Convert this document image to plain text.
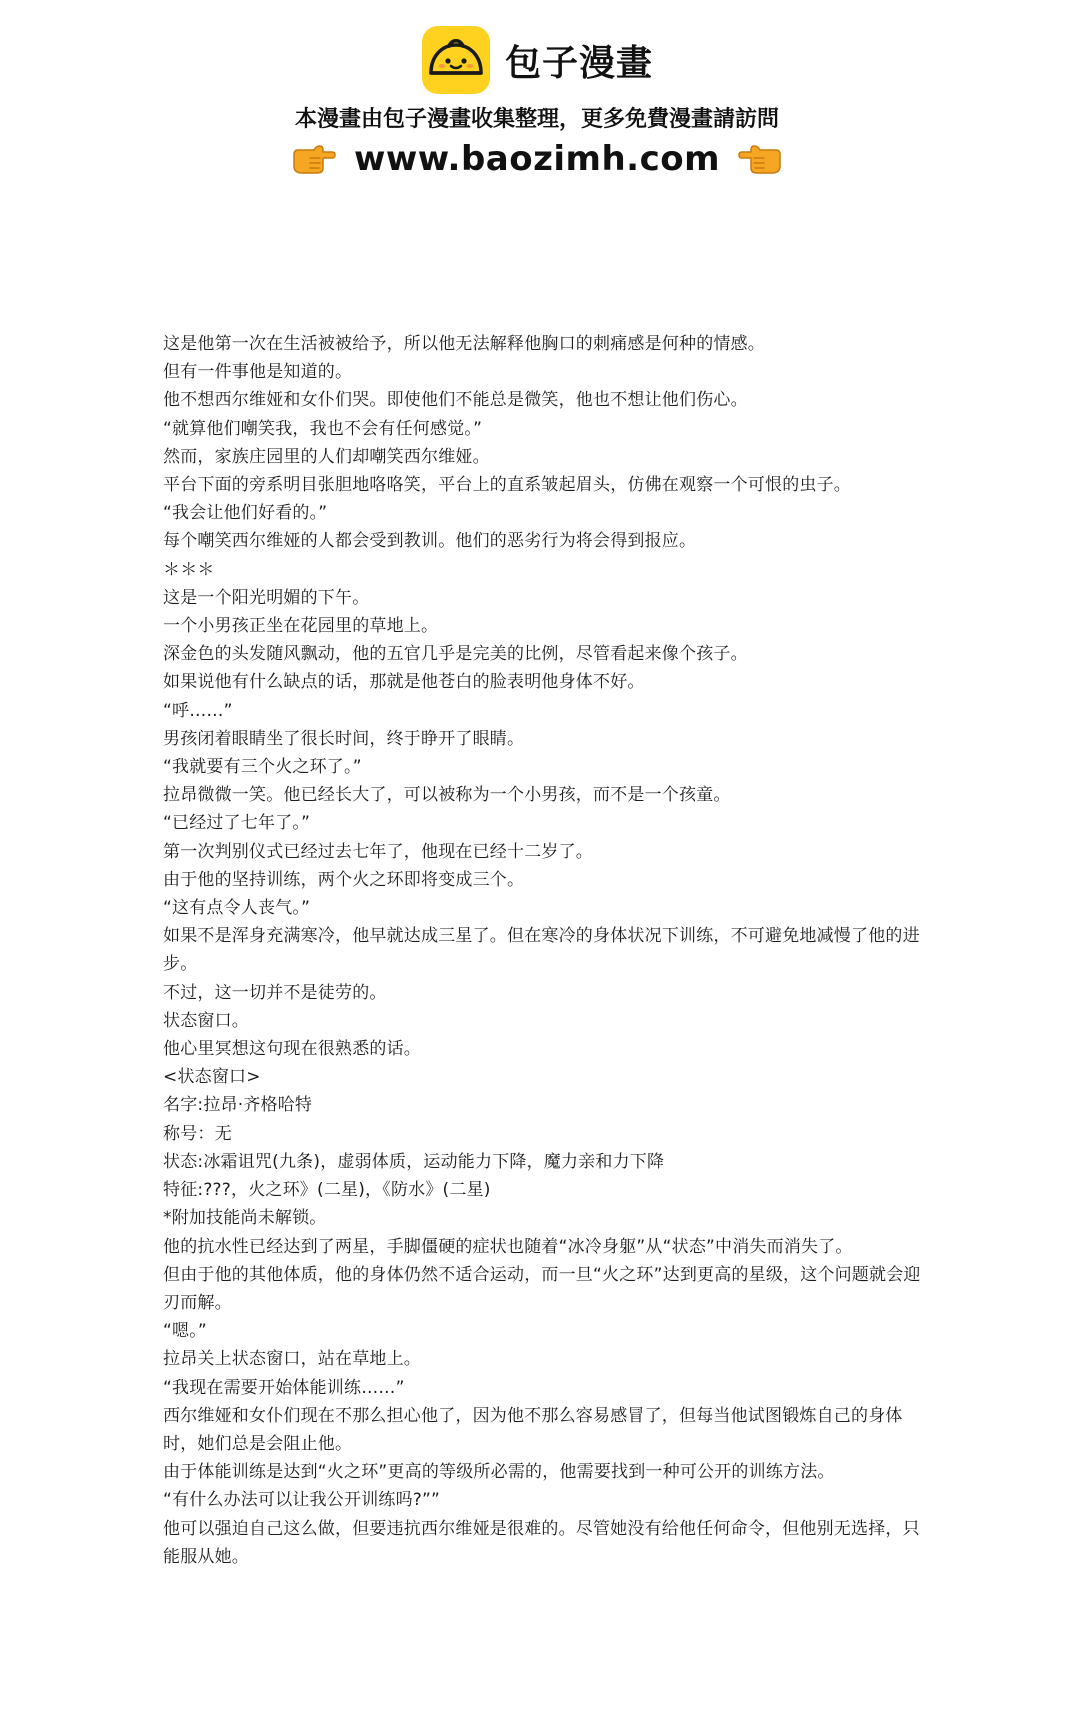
包子漫畫
本漫畫由包子漫畫收集整理，更多免費漫畫請訪問
www.baozimh.com

这是他第一次在生活被被给予，所以他无法解释他胸口的刺痛感是何种的情感。

但有一件事他是知道的。

他不想西尔维娅和女仆们哭。即使他们不能总是微笑，他也不想让他们伤心。

“就算他们嘲笑我，我也不会有任何感觉。”

然而，家族庄园里的人们却嘲笑西尔维娅。

平台下面的旁系明目张胆地咯咯笑，平台上的直系皱起眉头，仿佛在观察一个可恨的虫子。

“我会让他们好看的。”

每个嘲笑西尔维娅的人都会受到教训。他们的恶劣行为将会得到报应。

＊＊＊

这是一个阳光明媚的下午。

一个小男孩正坐在花园里的草地上。

深金色的头发随风飘动，他的五官几乎是完美的比例，尽管看起来像个孩子。

如果说他有什么缺点的话，那就是他苍白的脸表明他身体不好。

“呼……”

男孩闭着眼睛坐了很长时间，终于睁开了眼睛。

“我就要有三个火之环了。”

拉昂微微一笑。他已经长大了，可以被称为一个小男孩，而不是一个孩童。

“已经过了七年了。”

第一次判别仪式已经过去七年了，他现在已经十二岁了。

由于他的坚持训练，两个火之环即将变成三个。

“这有点令人丧气。”

如果不是浑身充满寒冷，他早就达成三星了。但在寒冷的身体状况下训练，不可避免地减慢了他的进步。

不过，这一切并不是徒劳的。

状态窗口。

他心里冥想这句现在很熟悉的话。

<状态窗口>

名字:拉昂·齐格哈特

称号：无

状态:冰霜诅咒(九条)，虚弱体质，运动能力下降，魔力亲和力下降

特征:???，火之环》(二星)，《防水》(二星)

*附加技能尚未解锁。

他的抗水性已经达到了两星，手脚僵硬的症状也随着“冰冷身躯”从“状态”中消失而消失了。

但由于他的其他体质，他的身体仍然不适合运动，而一旦“火之环”达到更高的星级，这个问题就会迎刃而解。

“嗯。”

拉昂关上状态窗口，站在草地上。

“我现在需要开始体能训练……”

西尔维娅和女仆们现在不那么担心他了，因为他不那么容易感冒了，但每当他试图锻炼自己的身体时，她们总是会阻止他。

由于体能训练是达到“火之环”更高的等级所必需的，他需要找到一种可公开的训练方法。

“有什么办法可以让我公开训练吗?””

他可以强迫自己这么做，但要违抗西尔维娅是很难的。尽管她没有给他任何命令，但他别无选择，只能服从她。
